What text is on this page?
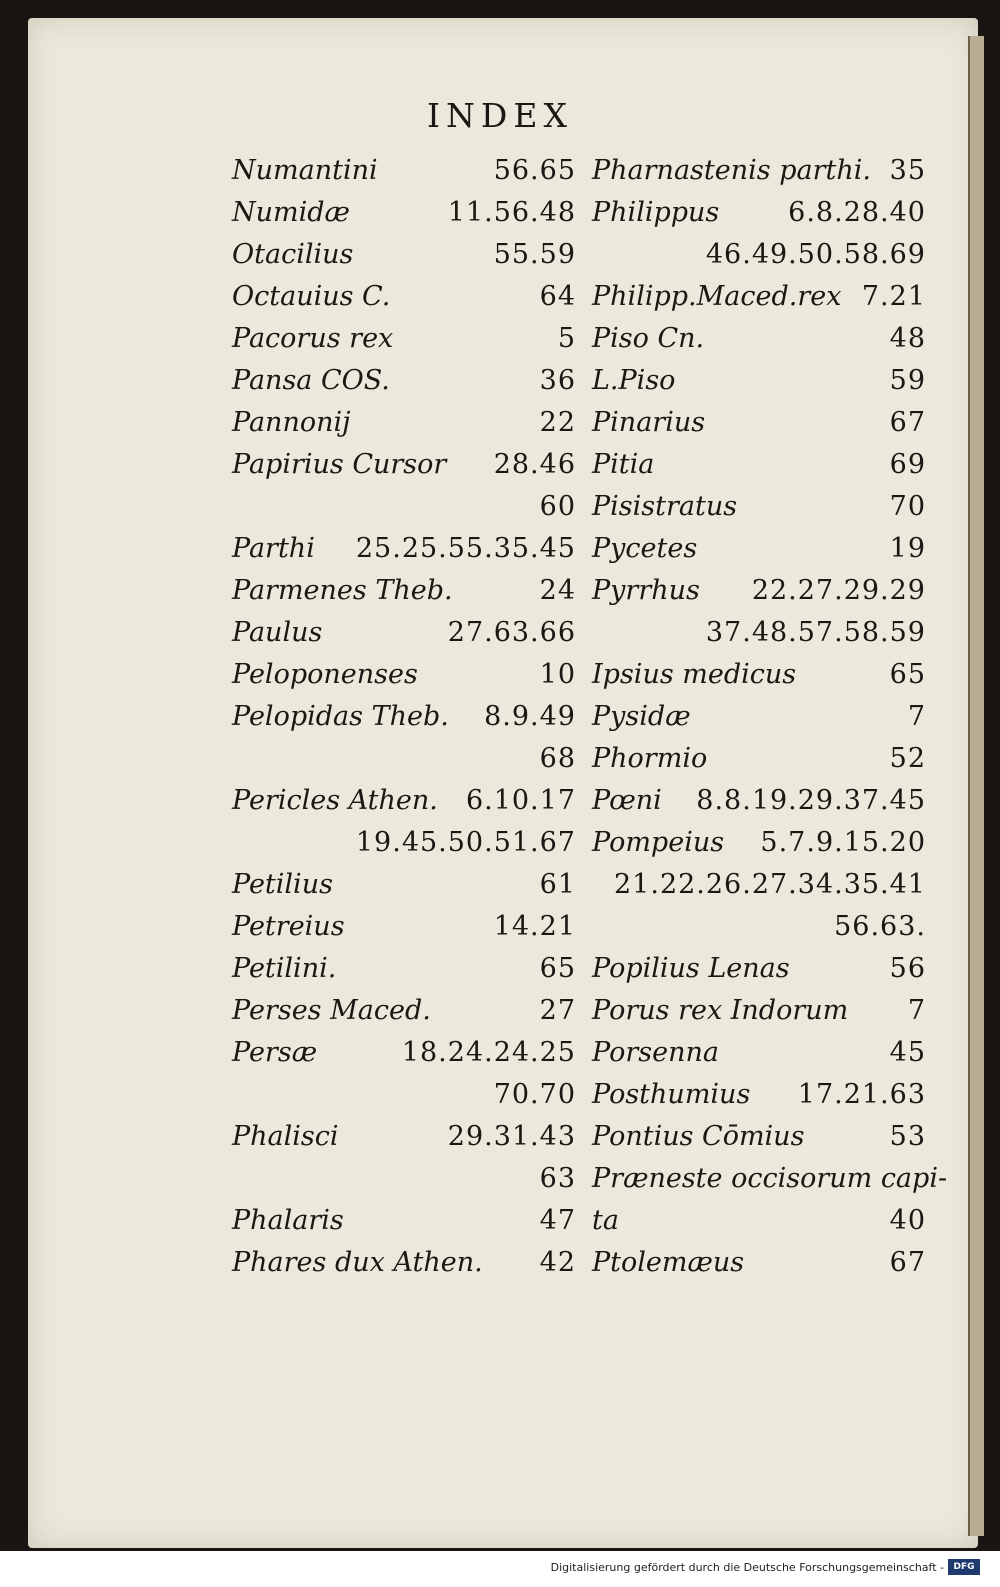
INDEX
Numantini	56.65
Numidæ	11.56.48
Otacilius	55.59
Octauius C.	64
Pacorus rex	5
Pansa COS.	36
Pannonij	22
Papirius Cursor 28.46
60
Parthi 25.25.55.35.45
Parmenes Theb.	24
Paulus	27.63.66
Peloponenses	10
Pelopidas Theb. 8.9.49
68
Pericles Athen. 6.10.17
19.45.50.51.67
Petilius	61
Petreius	14.21
Petilini.	65
Perses Maced.	27
Persæ	18.24.24.25
70.70
Phalisci	29.31.43
63
Phalaris	47
Phares dux Athen. 42
Pharnastenis parthi. 35
Philippus	6.8.28.40
46.49.50.58.69
Philipp.Maced.rex 7.21
Piso Cn.	48
L.Piso	59
Pinarius	67
Pitia	69
Pisistratus	70
Pycetes	19
Pyrrhus 22.27.29.29
37.48.57.58.59
Ipsius medicus	65
Pysidæ	7
Phormio	52
Pœni 8.8.19.29.37.45
Pompeius 5.7.9.15.20
21.22.26.27.34.35.41
56.63.
Popilius Lenas	56
Porus rex Indorum 7
Porsenna	45
Posthumius 17.21.63
Pontius Cōmius	53
Præneste occisorum capi-
ta	40
Ptolemæus	67
Digitalisierung gefördert durch die Deutsche Forschungsgemeinschaft -	DFG
